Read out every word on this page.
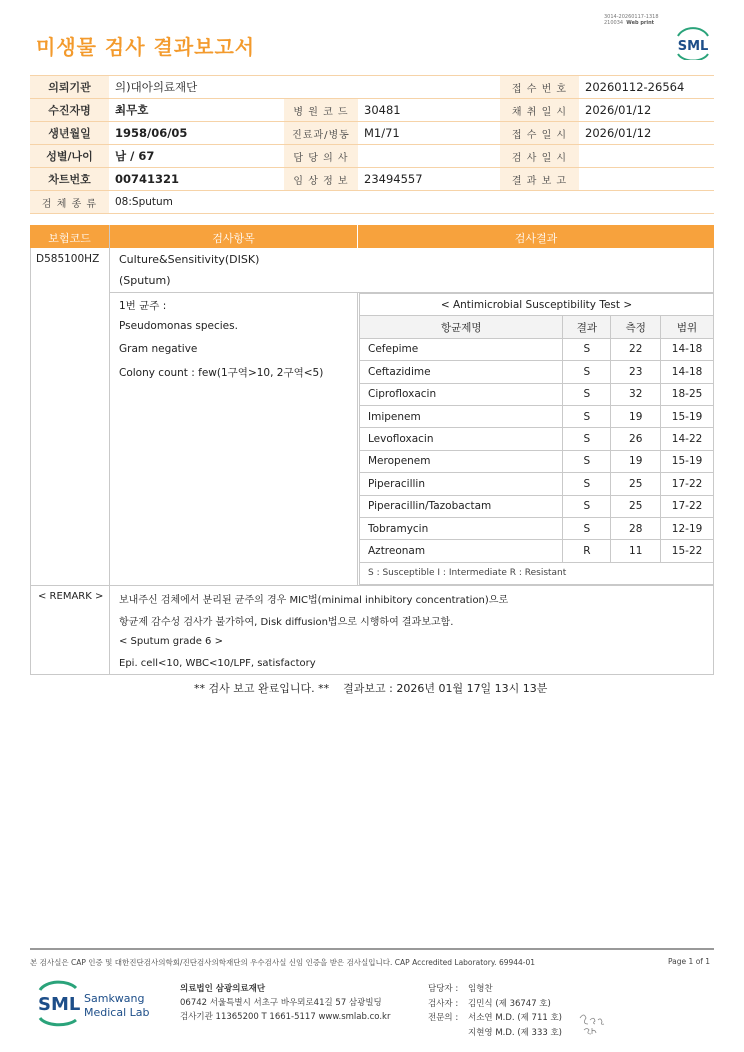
미생물 검사 결과보고서
3014-20260117-1318
210034 Web print
SML
의뢰기관	의)대아의료재단			접 수 번 호	20260112-26564
수진자명	최무호	병 원 코 드	30481	채 취 일 시	2026/01/12
생년월일	1958/06/05	진료과/병동	M1/71	접 수 일 시	2026/01/12
성별/나이	남 / 67	담 당 의 사		검 사 일 시	
차트번호	00741321	임 상 정 보	23494557	결 과 보 고	
검 체 종 류	08:Sputum				
보험코드	검사항목	검사결과
D585100HZ Culture&Sensitivity(DISK)
(Sputum)
1번 균주 :
Pseudomonas species.
Gram negative
Colony count : few(1구역>10, 2구역<5)
< Antimicrobial Susceptibility Test >			
항균제명	결과	측정	범위
Cefepime	S	22	14-18
Ceftazidime	S	23	14-18
Ciprofloxacin	S	32	18-25
Imipenem	S	19	15-19
Levofloxacin	S	26	14-22
Meropenem	S	19	15-19
Piperacillin	S	25	17-22
Piperacillin/Tazobactam	S	25	17-22
Tobramycin	S	28	12-19
Aztreonam	R	11	15-22
S : Susceptible I : Intermediate R : Resistant			
< REMARK > 보내주신 검체에서 분리된 균주의 경우 MIC법(minimal inhibitory concentration)으로
항균제 감수성 검사가 불가하여, Disk diffusion법으로 시행하여 결과보고함.
< Sputum grade 6 >
Epi. cell<10, WBC<10/LPF, satisfactory
** 검사 보고 완료입니다. ** 결과보고 : 2026년 01월 17일 13시 13분
본 검사실은 CAP 인증 및 대한진단검사의학회/진단검사의학재단의 우수검사실 신임 인증을 받은 검사실입니다. CAP Accredited Laboratory. 69944-01	Page 1 of 1
SML Samkwang
Medical Lab
의료법인 삼광의료재단
06742 서울특별시 서초구 바우뫼로41길 57 삼광빌딩
검사기관 11365200 T 1661-5117 www.smlab.co.kr
담당자 : 임형찬
검사자 : 김민식 (제 36747 호)
전문의 : 서소연 M.D. (제 711 호)
지현영 M.D. (제 333 호)
